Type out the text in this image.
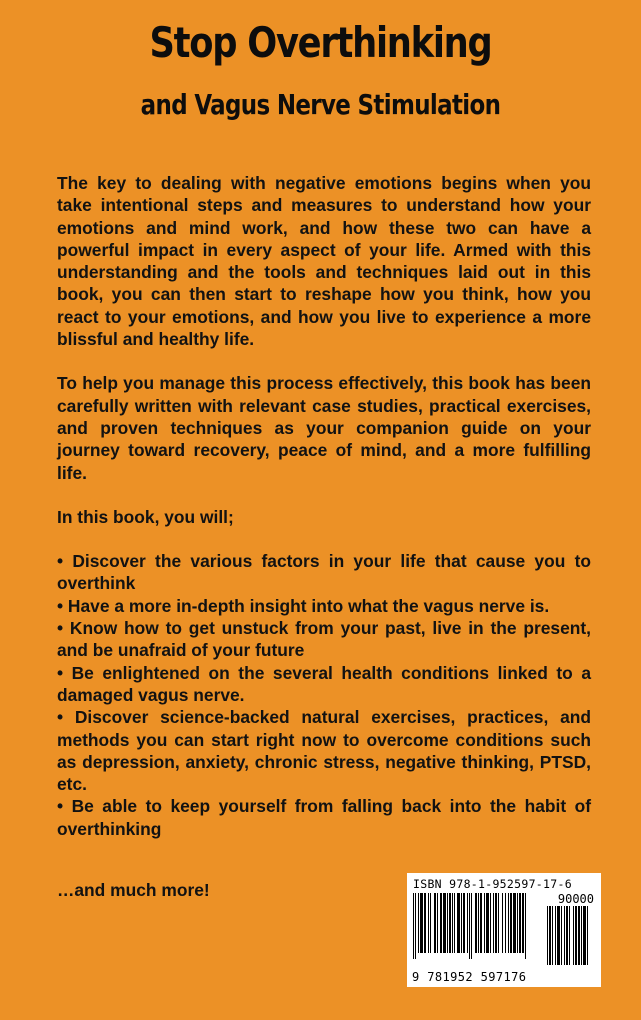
Stop Overthinking
and Vagus Nerve Stimulation

The key to dealing with negative emotions begins when you take intentional steps and measures to understand how your emotions and mind work, and how these two can have a powerful impact in every aspect of your life. Armed with this understanding and the tools and techniques laid out in this book, you can then start to reshape how you think, how you react to your emotions, and how you live to experience a more blissful and healthy life.

To help you manage this process effectively, this book has been carefully written with relevant case studies, practical exercises, and proven techniques as your companion guide on your journey toward recovery, peace of mind, and a more fulfilling life.

In this book, you will;

• Discover the various factors in your life that cause you to overthink
• Have a more in-depth insight into what the vagus nerve is.
• Know how to get unstuck from your past, live in the present, and be unafraid of your future
• Be enlightened on the several health conditions linked to a damaged vagus nerve.
• Discover science-backed natural exercises, practices, and methods you can start right now to overcome conditions such as depression, anxiety, chronic stress, negative thinking, PTSD, etc.
• Be able to keep yourself from falling back into the habit of overthinking

…and much more!	ISBN 978-1-952597-17-6
90000
9 781952 597176
